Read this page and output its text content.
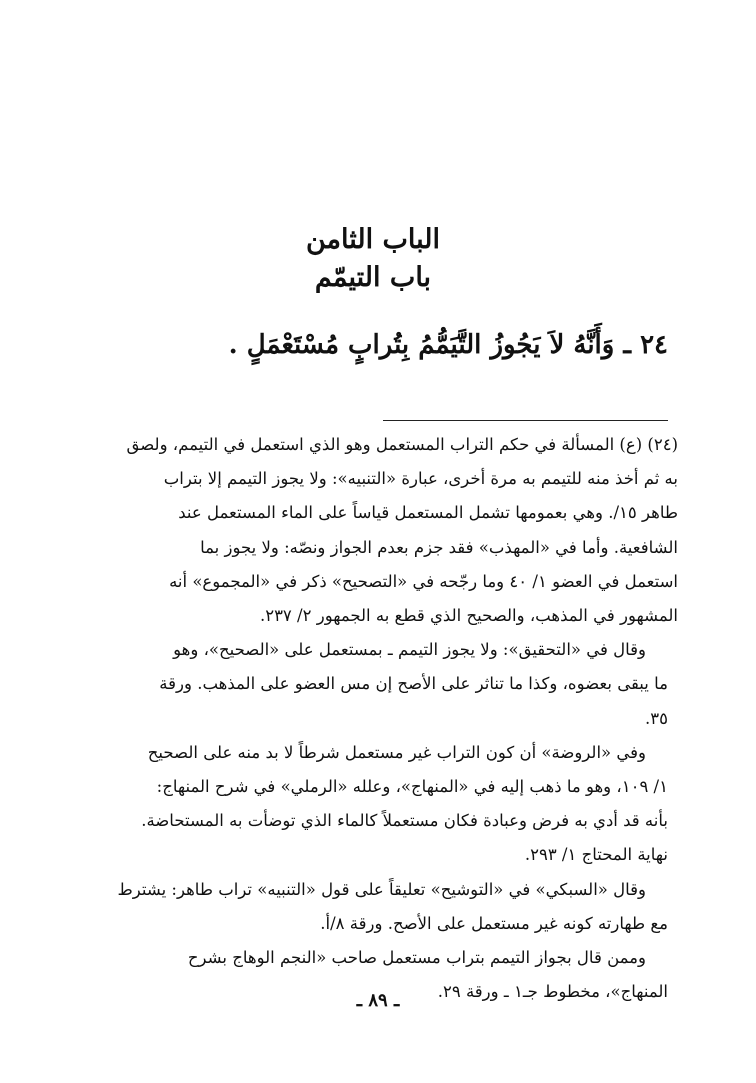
الباب الثامن
باب التيمّم

٢٤ ـ وَأَنَّهُ لاَ يَجُوزُ التَّيَمُّمُ بِتُرابٍ مُسْتَعْمَلٍ .

(٢٤) (ع) المسألة في حكم التراب المستعمل وهو الذي استعمل في التيمم، ولصق
به ثم أخذ منه للتيمم به مرة أخرى، عبارة «التنبيه»: ولا يجوز التيمم إلا بتراب
طاهر ١٥/. وهي بعمومها تشمل المستعمل قياساً على الماء المستعمل عند
الشافعية. وأما في «المهذب» فقد جزم بعدم الجواز ونصّه: ولا يجوز بما
استعمل في العضو ١/ ٤٠ وما رجّحه في «التصحيح» ذكر في «المجموع» أنه
المشهور في المذهب، والصحيح الذي قطع به الجمهور ٢/ ٢٣٧.

وقال في «التحقيق»: ولا يجوز التيمم ـ بمستعمل على «الصحيح»، وهو
ما يبقى بعضوه، وكذا ما تناثر على الأصح إن مس العضو على المذهب. ورقة
٣٥.

وفي «الروضة» أن كون التراب غير مستعمل شرطاً لا بد منه على الصحيح
١/ ١٠٩، وهو ما ذهب إليه في «المنهاج»، وعلله «الرملي» في شرح المنهاج:
بأنه قد أدي به فرض وعبادة فكان مستعملاً كالماء الذي توضأت به المستحاضة.
نهاية المحتاج ١/ ٢٩٣.

وقال «السبكي» في «التوشيح» تعليقاً على قول «التنبيه» تراب طاهر: يشترط
مع طهارته كونه غير مستعمل على الأصح. ورقة ٨/أ.

وممن قال بجواز التيمم بتراب مستعمل صاحب «النجم الوهاج بشرح
المنهاج»، مخطوط جـ١ ـ ورقة ٢٩.

ـ ٨٩ ـ
